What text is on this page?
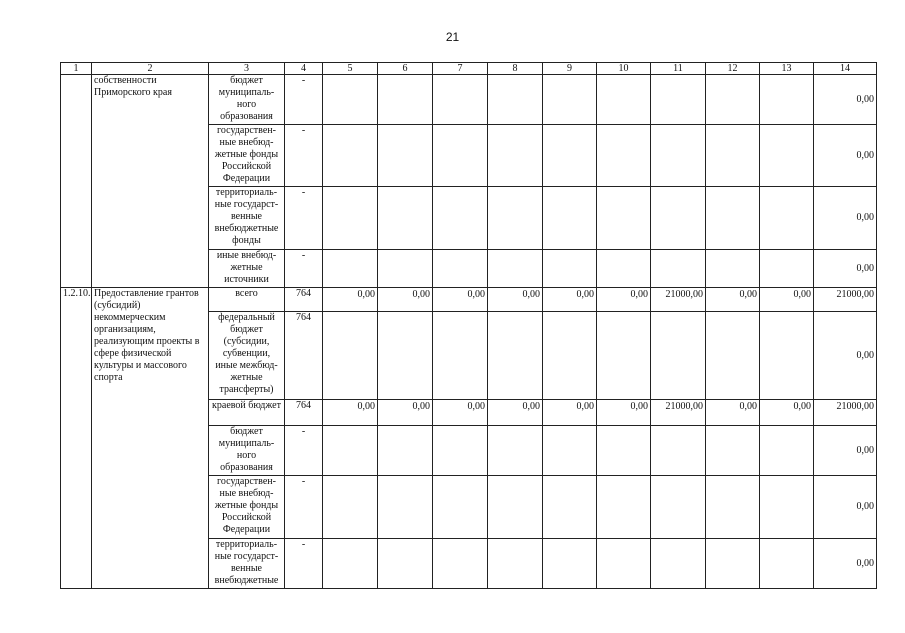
21
1	2	3	4	5	6	7	8	9	10	11	12	13	14
	собственности Приморского края	бюджет муниципаль-ного образования	-										0,00
		государствен-ные внебюд-жетные фонды Российской Федерации	-										0,00
		территориаль-ные государст-венные внебюджетные фонды	-										0,00
		иные внебюд-жетные источники	-										0,00
1.2.10.	Предоставление грантов (субсидий) некоммерческим организациям, реализующим проекты в сфере физической культуры и массового спорта	всего	764	0,00	0,00	0,00	0,00	0,00	0,00	21000,00	0,00	0,00	21000,00
		федеральный бюджет (субсидии, субвенции, иные межбюд-жетные трансферты)	764										0,00
		краевой бюджет	764	0,00	0,00	0,00	0,00	0,00	0,00	21000,00	0,00	0,00	21000,00
		бюджет муниципаль-ного образования	-										0,00
		государствен-ные внебюд-жетные фонды Российской Федерации	-										0,00
		территориаль-ные государст-венные внебюджетные	-										0,00
